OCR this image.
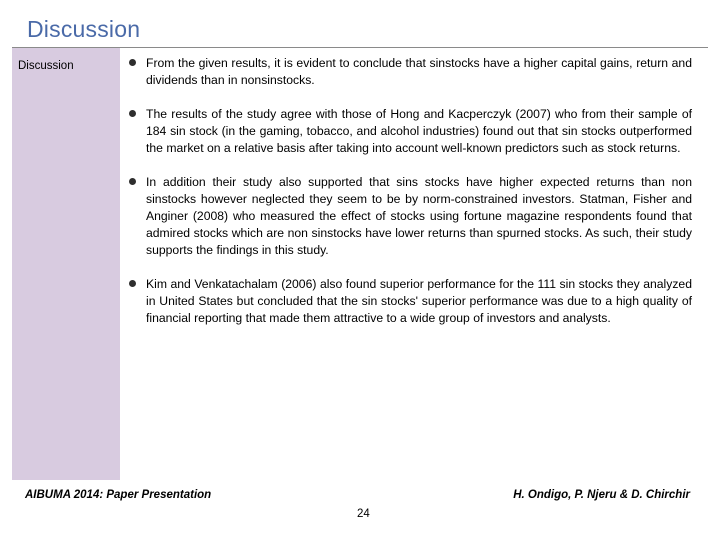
Discussion
Discussion	From the given results, it is evident to conclude that sinstocks have a higher capital gains, return and dividends than in nonsinstocks.
The results of the study agree with those of Hong and Kacperczyk (2007) who from their sample of 184 sin stock (in the gaming, tobacco, and alcohol industries) found out that sin stocks outperformed the market on a relative basis after taking into account well-known predictors such as stock returns.
In addition their study also supported that sins stocks have higher expected returns than non sinstocks however neglected they seem to be by norm-constrained investors. Statman, Fisher and Anginer (2008) who measured the effect of stocks using fortune magazine respondents found that admired stocks which are non sinstocks have lower returns than spurned stocks. As such, their study supports the findings in this study.
Kim and Venkatachalam (2006) also found superior performance for the 111 sin stocks they analyzed in United States but concluded that the sin stocks' superior performance was due to a high quality of financial reporting that made them attractive to a wide group of investors and analysts.
AIBUMA 2014: Paper Presentation	H. Ondigo, P. Njeru & D. Chirchir
24
